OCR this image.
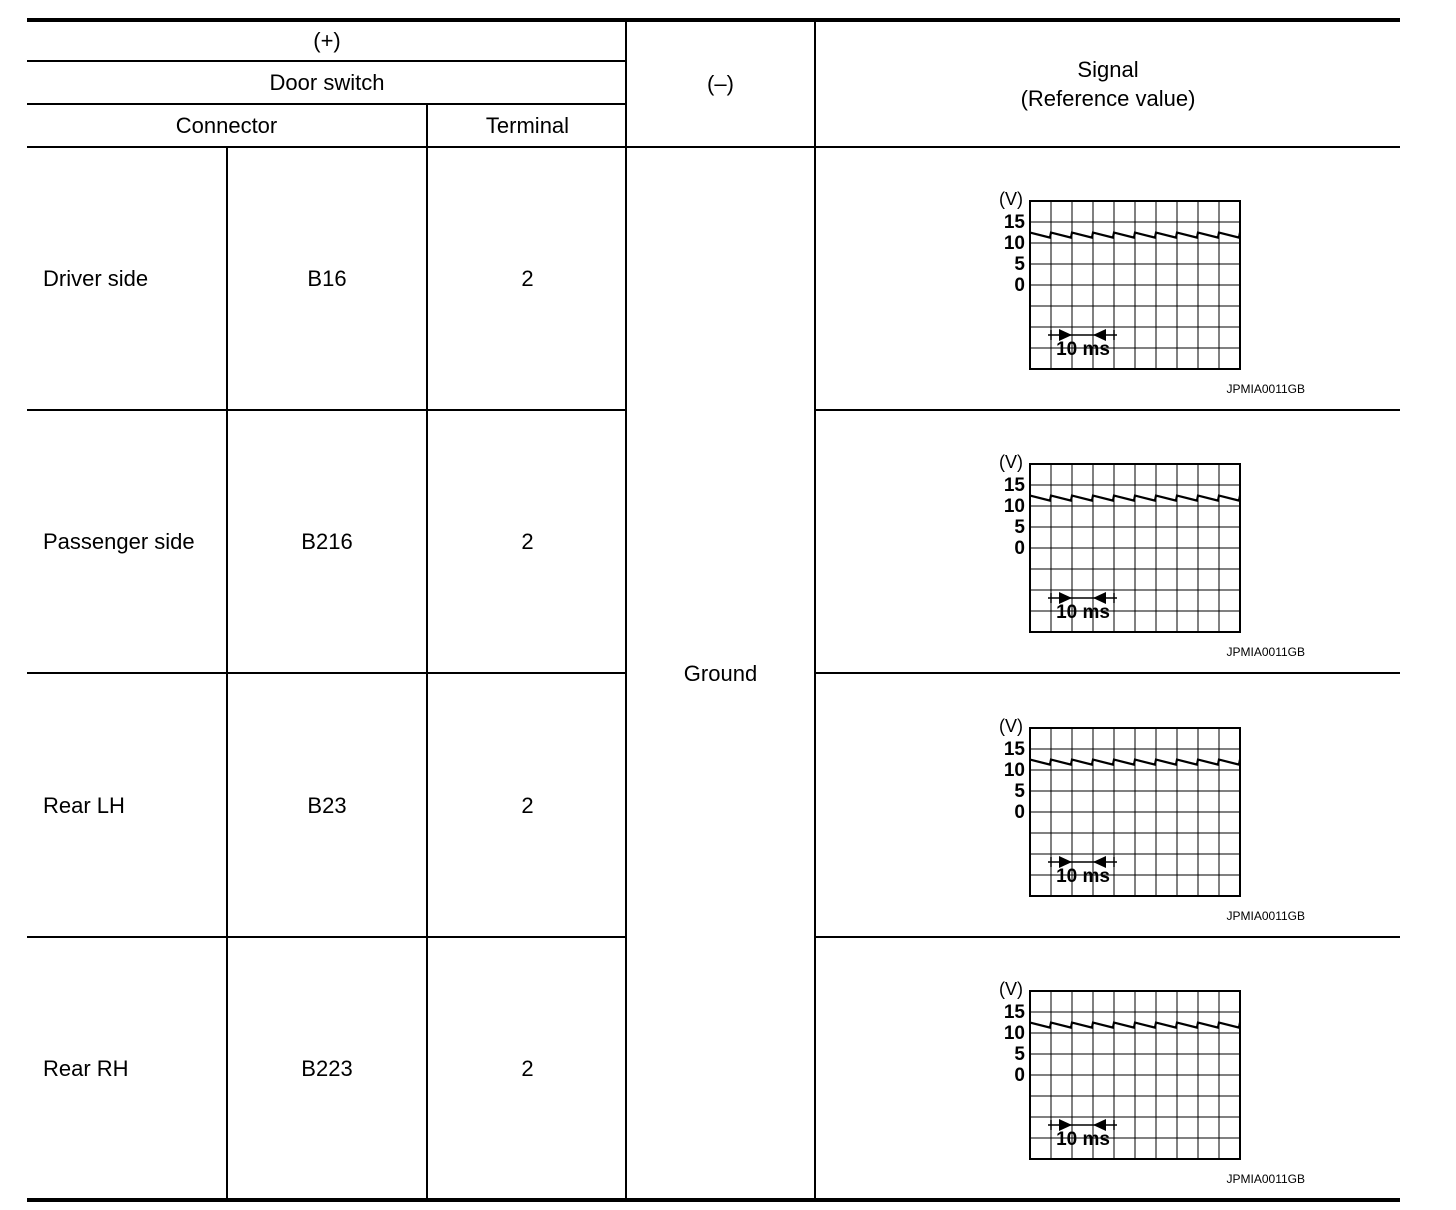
(+)
Door switch
Connector	Terminal
(–)
Signal
(Reference value)
Ground
Driver side	B16	2
Passenger side	B216	2
Rear LH	B23	2
Rear RH	B223	2
(V)
15
10
5
0
10 ms
JPMIA0011GB
(V)
15
10
5
0
10 ms
JPMIA0011GB
(V)
15
10
5
0
10 ms
JPMIA0011GB
(V)
15
10
5
0
10 ms
JPMIA0011GB
